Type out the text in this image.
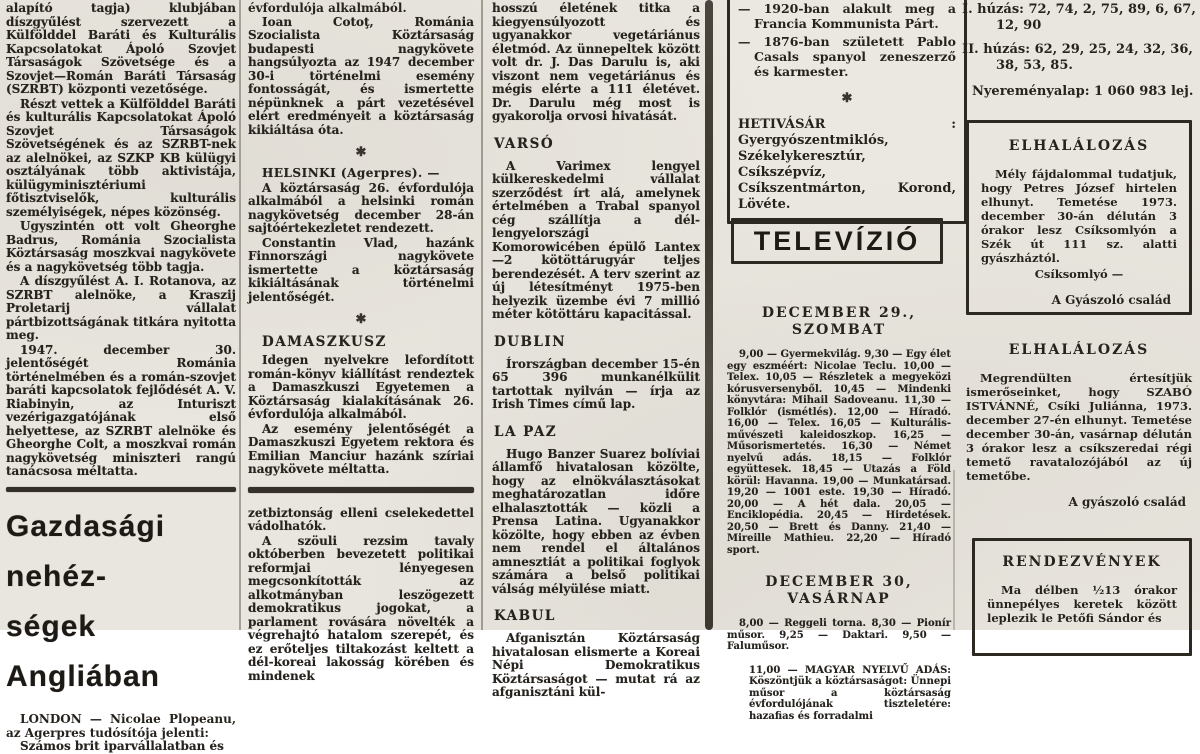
alapító tagja) klubjában díszgyűlést szervezett a Külfölddel Baráti és Kulturális Kapcsolatokat Ápoló Szovjet Társaságok Szövetsége és a Szovjet—Román Baráti Társaság (SZRBT) központi vezetősége.

Részt vettek a Külfölddel Baráti és kulturális Kapcsolatokat Ápoló Szovjet Társaságok Szövetségének és az SZRBT-nek az alelnökei, az SZKP KB külügyi osztályának több aktivistája, külügyminisztériumi főtisztviselők, kulturális személyiségek, népes közönség.

Ugyszintén ott volt Gheorghe Badrus, Románia Szocialista Köztársaság moszkvai nagykövete és a nagykövetség több tagja.

A díszgyűlést A. I. Rotanova, az SZRBT alelnöke, a Kraszij Proletarij vállalat pártbizottságának titkára nyitotta meg.

1947. december 30. jelentőségét Románia történelmében és a román-szovjet baráti kapcsolatok fejlődését A. V. Riabinyin, az Inturiszt vezérigazgatójának első helyettese, az SZRBT alelnöke és Gheorghe Colt, a moszkvai román nagykövetség miniszteri rangú tanácsosa méltatta.

Gazdasági nehéz-
ségek Angliában

LONDON — Nicolae Plopeanu, az Agerpres tudósítója jelenti:

Számos brit iparvállalatban és

évfordulója alkalmából.

Ioan Cotoţ, Románia Szocialista Köztársaság budapesti nagykövete hangsúlyozta az 1947 december 30-i történelmi esemény fontosságát, és ismertette népünknek a párt vezetésével elért eredményeit a köztársaság kikiáltása óta.

✱

HELSINKI (Agerpres). —

A köztársaság 26. évfordulója alkalmából a helsinki román nagykövetség december 28-án sajtóértekezletet rendezett.

Constantin Vlad, hazánk Finnországi nagykövete ismertette a köztársaság kikiáltásának történelmi jelentőségét.

✱
DAMASZKUSZ

Idegen nyelvekre lefordított román-könyv kiállítást rendeztek a Damaszkuszi Egyetemen a Köztársaság kialakításának 26. évfordulója alkalmából.

Az esemény jelentőségét a Damaszkuszi Egyetem rektora és Emilian Manciur hazánk szíriai nagykövete méltatta.

zetbiztonság elleni cselekedettel vádolhatók.

A szöuli rezsim tavaly októberben bevezetett politikai reformjai lényegesen megcsonkították az alkotmányban leszögezett demokratikus jogokat, a parlament rovására növelték a végrehajtó hatalom szerepét, és ez erőteljes tiltakozást keltett a dél-koreai lakosság körében és mindenek

hosszú életének titka a kiegyensúlyozott és ugyanakkor vegetáriánus életmód. Az ünnepeltek között volt dr. J. Das Darulu is, aki viszont nem vegetáriánus és mégis elérte a 111 életévet. Dr. Darulu még most is gyakorolja orvosi hivatását.

VARSÓ

A Varimex lengyel külkereskedelmi vállalat szerződést írt alá, amelynek értelmében a Trabal spanyol cég szállítja a dél-lengyelországi Komorowicében épülő Lantex—2 kötöttárugyár teljes berendezését. A terv szerint az új létesítményt 1975-ben helyezik üzembe évi 7 millió méter kötöttáru kapacitással.

DUBLIN

Írországban december 15-én 65 396 munkanélkülit tartottak nyilván — írja az Irish Times című lap.

LA PAZ

Hugo Banzer Suarez bolíviai államfő hivatalosan közölte, hogy az elnökválasztásokat meghatározatlan időre elhalasztották — közli a Prensa Latina. Ugyanakkor közölte, hogy ebben az évben nem rendel el általános amnesztiát a politikai foglyok számára a belső politikai válság mélyülése miatt.

KABUL

Afganisztán Köztársaság hivatalosan elismerte a Koreai Népi Demokratikus Köztársaságot — mutat rá az afganisztáni kül-

— 1920-ban alakult meg a Francia Kommunista Párt.

— 1876-ban született Pablo Casals spanyol zeneszerző és karmester.

✱

HETIVÁSÁR : Gyergyószentmiklós, Székelykeresztúr, Csíkszépvíz, Csíkszentmárton, Korond, Lövéte.

TELEVÍZIÓ
DECEMBER 29., SZOMBAT

9,00 — Gyermekvilág. 9,30 — Egy élet egy eszméért: Nicolae Teclu. 10,00 — Telex. 10,05 — Részletek a megyeközi kórusversenyből. 10,45 — Mindenki könyvtára: Mihail Sadoveanu. 11,30 — Folklór (ismétlés). 12,00 — Híradó. 16,00 — Telex. 16,05 — Kulturális-művészeti kaleidoszkop. 16,25 — Műsorismertetés. 16,30 — Német nyelvű adás. 18,15 — Folklór együttesek. 18,45 — Utazás a Föld körül: Havanna. 19,00 — Munkatársad. 19,20 — 1001 este. 19,30 — Híradó. 20,00 — A hét dala. 20,05 — Enciklopédia. 20,45 — Hirdetések. 20,50 — Brett és Danny. 21,40 — Mireille Mathieu. 22,20 — Híradó sport.

DECEMBER 30, VASÁRNAP

8,00 — Reggeli torna. 8,30 — Pionír műsor. 9,25 — Daktari. 9,50 — Faluműsor.

11,00 — MAGYAR NYELVŰ ADÁS: Köszöntjük a köztársaságot: Ünnepi műsor a köztársaság évfordulójának tiszteletére: hazafias és forradalmi

I. húzás: 72, 74, 2, 75, 89, 6, 67, 12, 90

II. húzás: 62, 29, 25, 24, 32, 36, 38, 53, 85.

Nyereményalap: 1 060 983 lej.

ELHALÁLOZÁS

Mély fájdalommal tudatjuk, hogy Petres József hirtelen elhunyt. Temetése 1973. december 30-án délután 3 órakor lesz Csíksomlyón a Szék út 111 sz. alatti gyászháztól.

Csíksomlyó —

A Gyászoló család

ELHALÁLOZÁS

Megrendülten értesítjük ismerőseinket, hogy SZABÓ ISTVÁNNÉ, Csíki Juliánna, 1973. december 27-én elhunyt. Temetése december 30-án, vasárnap délután 3 órakor lesz a csíkszeredai régi temető ravatalozójából az új temetőbe.

A gyászoló család

RENDEZVÉNYEK

Ma délben ½13 órakor ünnepélyes keretek között leplezik le Petőfi Sándor és
